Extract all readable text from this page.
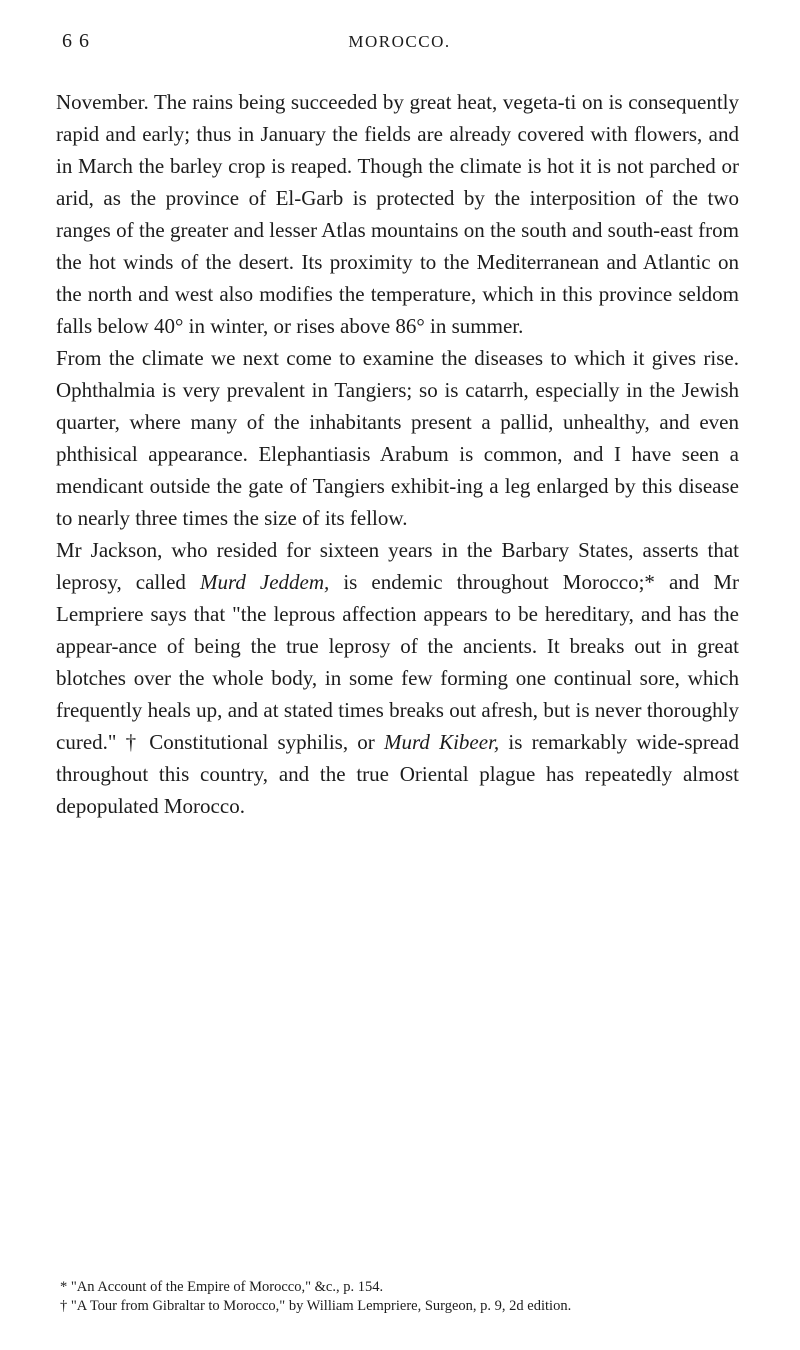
6 6	MOROCCO.

November. The rains being succeeded by great heat, vegeta-ti on is consequently rapid and early; thus in January the fields are already covered with flowers, and in March the barley crop is reaped. Though the climate is hot it is not parched or arid, as the province of El-Garb is protected by the interposition of the two ranges of the greater and lesser Atlas mountains on the south and south-east from the hot winds of the desert. Its proximity to the Mediterranean and Atlantic on the north and west also modifies the temperature, which in this province seldom falls below 40° in winter, or rises above 86° in summer.

From the climate we next come to examine the diseases to which it gives rise. Ophthalmia is very prevalent in Tangiers; so is catarrh, especially in the Jewish quarter, where many of the inhabitants present a pallid, unhealthy, and even phthisical appearance. Elephantiasis Arabum is common, and I have seen a mendicant outside the gate of Tangiers exhibit-ing a leg enlarged by this disease to nearly three times the size of its fellow.

Mr Jackson, who resided for sixteen years in the Barbary States, asserts that leprosy, called Murd Jeddem, is endemic throughout Morocco;* and Mr Lempriere says that "the leprous affection appears to be hereditary, and has the appear-ance of being the true leprosy of the ancients. It breaks out in great blotches over the whole body, in some few forming one continual sore, which frequently heals up, and at stated times breaks out afresh, but is never thoroughly cured." † Constitutional syphilis, or Murd Kibeer, is remarkably wide-spread throughout this country, and the true Oriental plague has repeatedly almost depopulated Morocco.

* "An Account of the Empire of Morocco," &c., p. 154.

† "A Tour from Gibraltar to Morocco," by William Lempriere, Surgeon, p. 9, 2d edition.
